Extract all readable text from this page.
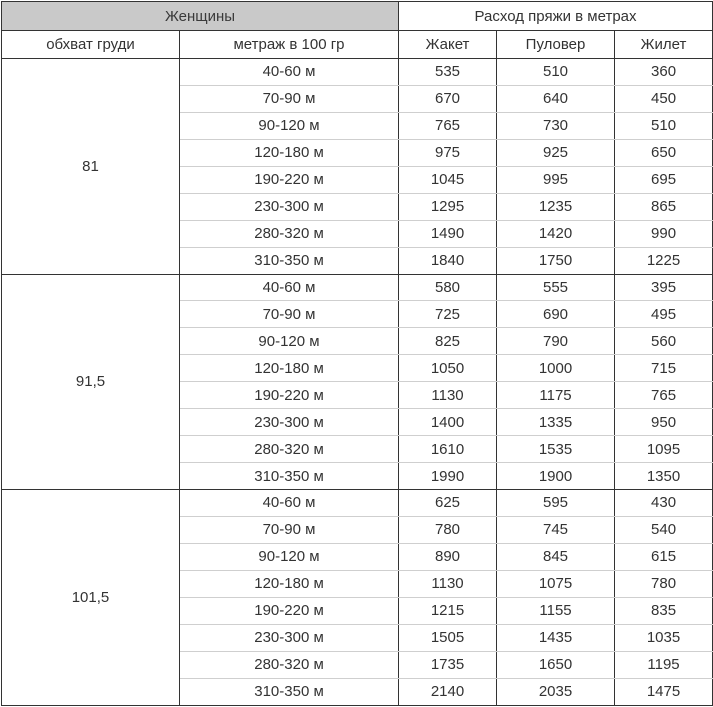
Женщины		Расход пряжи в метрах		
обхват груди	метраж в 100 гр	Жакет	Пуловер	Жилет
81	40-60 м	535	510	360
	70-90 м	670	640	450
	90-120 м	765	730	510
	120-180 м	975	925	650
	190-220 м	1045	995	695
	230-300 м	1295	1235	865
	280-320 м	1490	1420	990
	310-350 м	1840	1750	1225
91,5	40-60 м	580	555	395
	70-90 м	725	690	495
	90-120 м	825	790	560
	120-180 м	1050	1000	715
	190-220 м	1130	1175	765
	230-300 м	1400	1335	950
	280-320 м	1610	1535	1095
	310-350 м	1990	1900	1350
101,5	40-60 м	625	595	430
	70-90 м	780	745	540
	90-120 м	890	845	615
	120-180 м	1130	1075	780
	190-220 м	1215	1155	835
	230-300 м	1505	1435	1035
	280-320 м	1735	1650	1195
	310-350 м	2140	2035	1475
